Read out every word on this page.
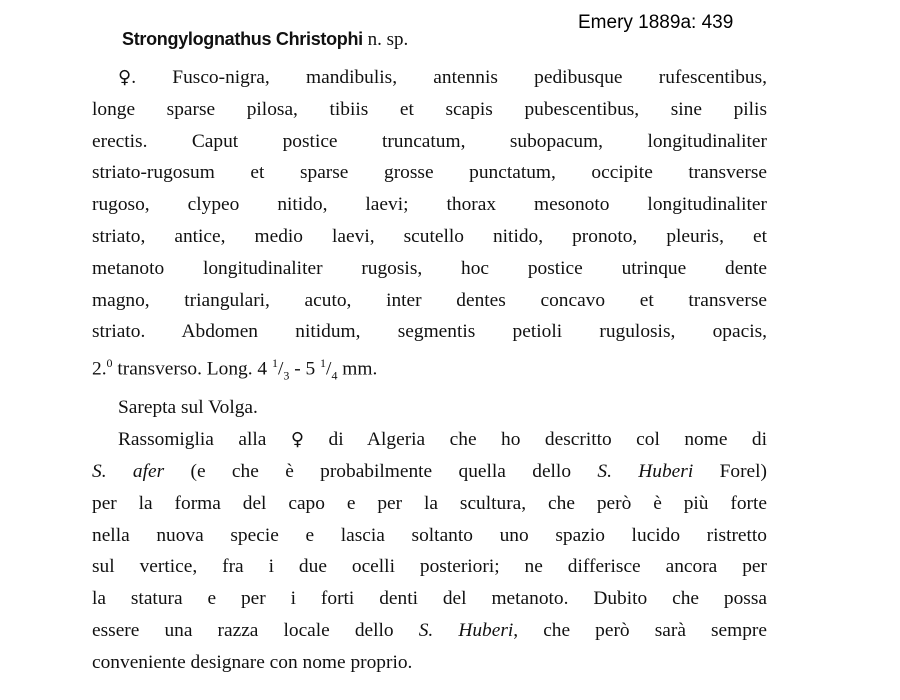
Emery 1889a: 439
Strongylognathus Christophi n. sp.
♀. Fusco-nigra, mandibulis, antennis pedibusque rufescentibus,
longe sparse pilosa, tibiis et scapis pubescentibus, sine pilis
erectis. Caput postice truncatum, subopacum, longitudinaliter
striato-rugosum et sparse grosse punctatum, occipite transverse
rugoso, clypeo nitido, laevi; thorax mesonoto longitudinaliter
striato, antice, medio laevi, scutello nitido, pronoto, pleuris, et
metanoto longitudinaliter rugosis, hoc postice utrinque dente
magno, triangulari, acuto, inter dentes concavo et transverse
striato. Abdomen nitidum, segmentis petioli rugulosis, opacis,
2.$^0$ transverso. Long. 4 $^1/_3 - 5$ $^1/_4$ mm.
Sarepta sul Volga.
Rassomiglia alla ♀ di Algeria che ho descritto col nome di
S. afer (e che è probabilmente quella dello S. Huberi Forel)
per la forma del capo e per la scultura, che però è più forte
nella nuova specie e lascia soltanto uno spazio lucido ristretto
sul vertice, fra i due ocelli posteriori; ne differisce ancora per
la statura e per i forti denti del metanoto. Dubito che possa
essere una razza locale dello S. Huberi, che però sarà sempre
conveniente designare con nome proprio.
